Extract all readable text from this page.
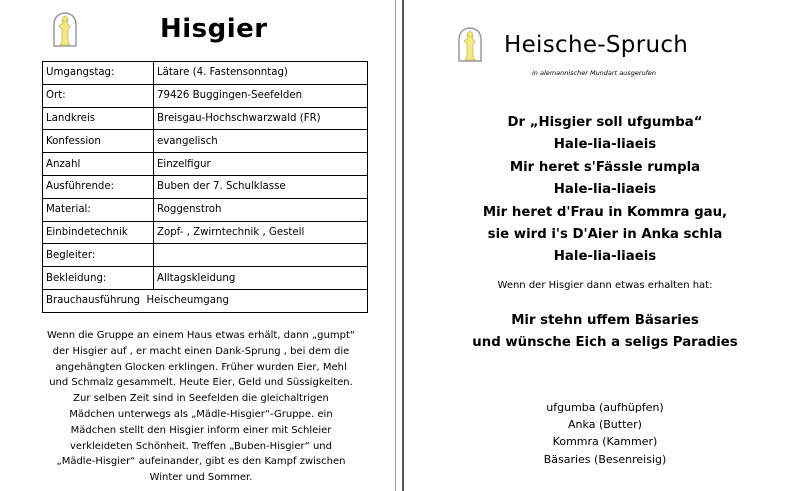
Hisgier
Umgangstag:	Lätare (4. Fastensonntag)
Ort:	79426 Buggingen-Seefelden
Landkreis	Breisgau-Hochschwarzwald (FR)
Konfession	evangelisch
Anzahl	Einzelfigur
Ausführende:	Buben der 7. Schulklasse
Material:	Roggenstroh
Einbindetechnik	Zopf- , Zwirntechnik , Gestell
Begleiter:	
Bekleidung:	Alltagskleidung
Brauchausführung Heischeumgang	
Wenn die Gruppe an einem Haus etwas erhält, dann „gumpt“
der Hisgier auf , er macht einen Dank-Sprung , bei dem die
angehängten Glocken erklingen. Früher wurden Eier, Mehl
und Schmalz gesammelt. Heute Eier, Geld und Süssigkeiten.
Zur selben Zeit sind in Seefelden die gleichaltrigen
Mädchen unterwegs als „Mädle-Hisgier“-Gruppe. ein
Mädchen stellt den Hisgier inform einer mit Schleier
verkleideten Schönheit. Treffen „Buben-Hisgier“ und
„Mädle-Hisgier“ aufeinander, gibt es den Kampf zwischen
Winter und Sommer.
Heische-Spruch
in alemannischer Mundart ausgerufen
Dr „Hisgier soll ufgumba“
Hale-lia-liaeis
Mir heret s'Fässle rumpla
Hale-lia-liaeis
Mir heret d'Frau in Kommra gau,
sie wird i's D'Aier in Anka schla
Hale-lia-liaeis
Wenn der Hisgier dann etwas erhalten hat:
Mir stehn uffem Bäsaries
und wünsche Eich a seligs Paradies
ufgumba (aufhüpfen)
Anka (Butter)
Kommra (Kammer)
Bäsaries (Besenreisig)
